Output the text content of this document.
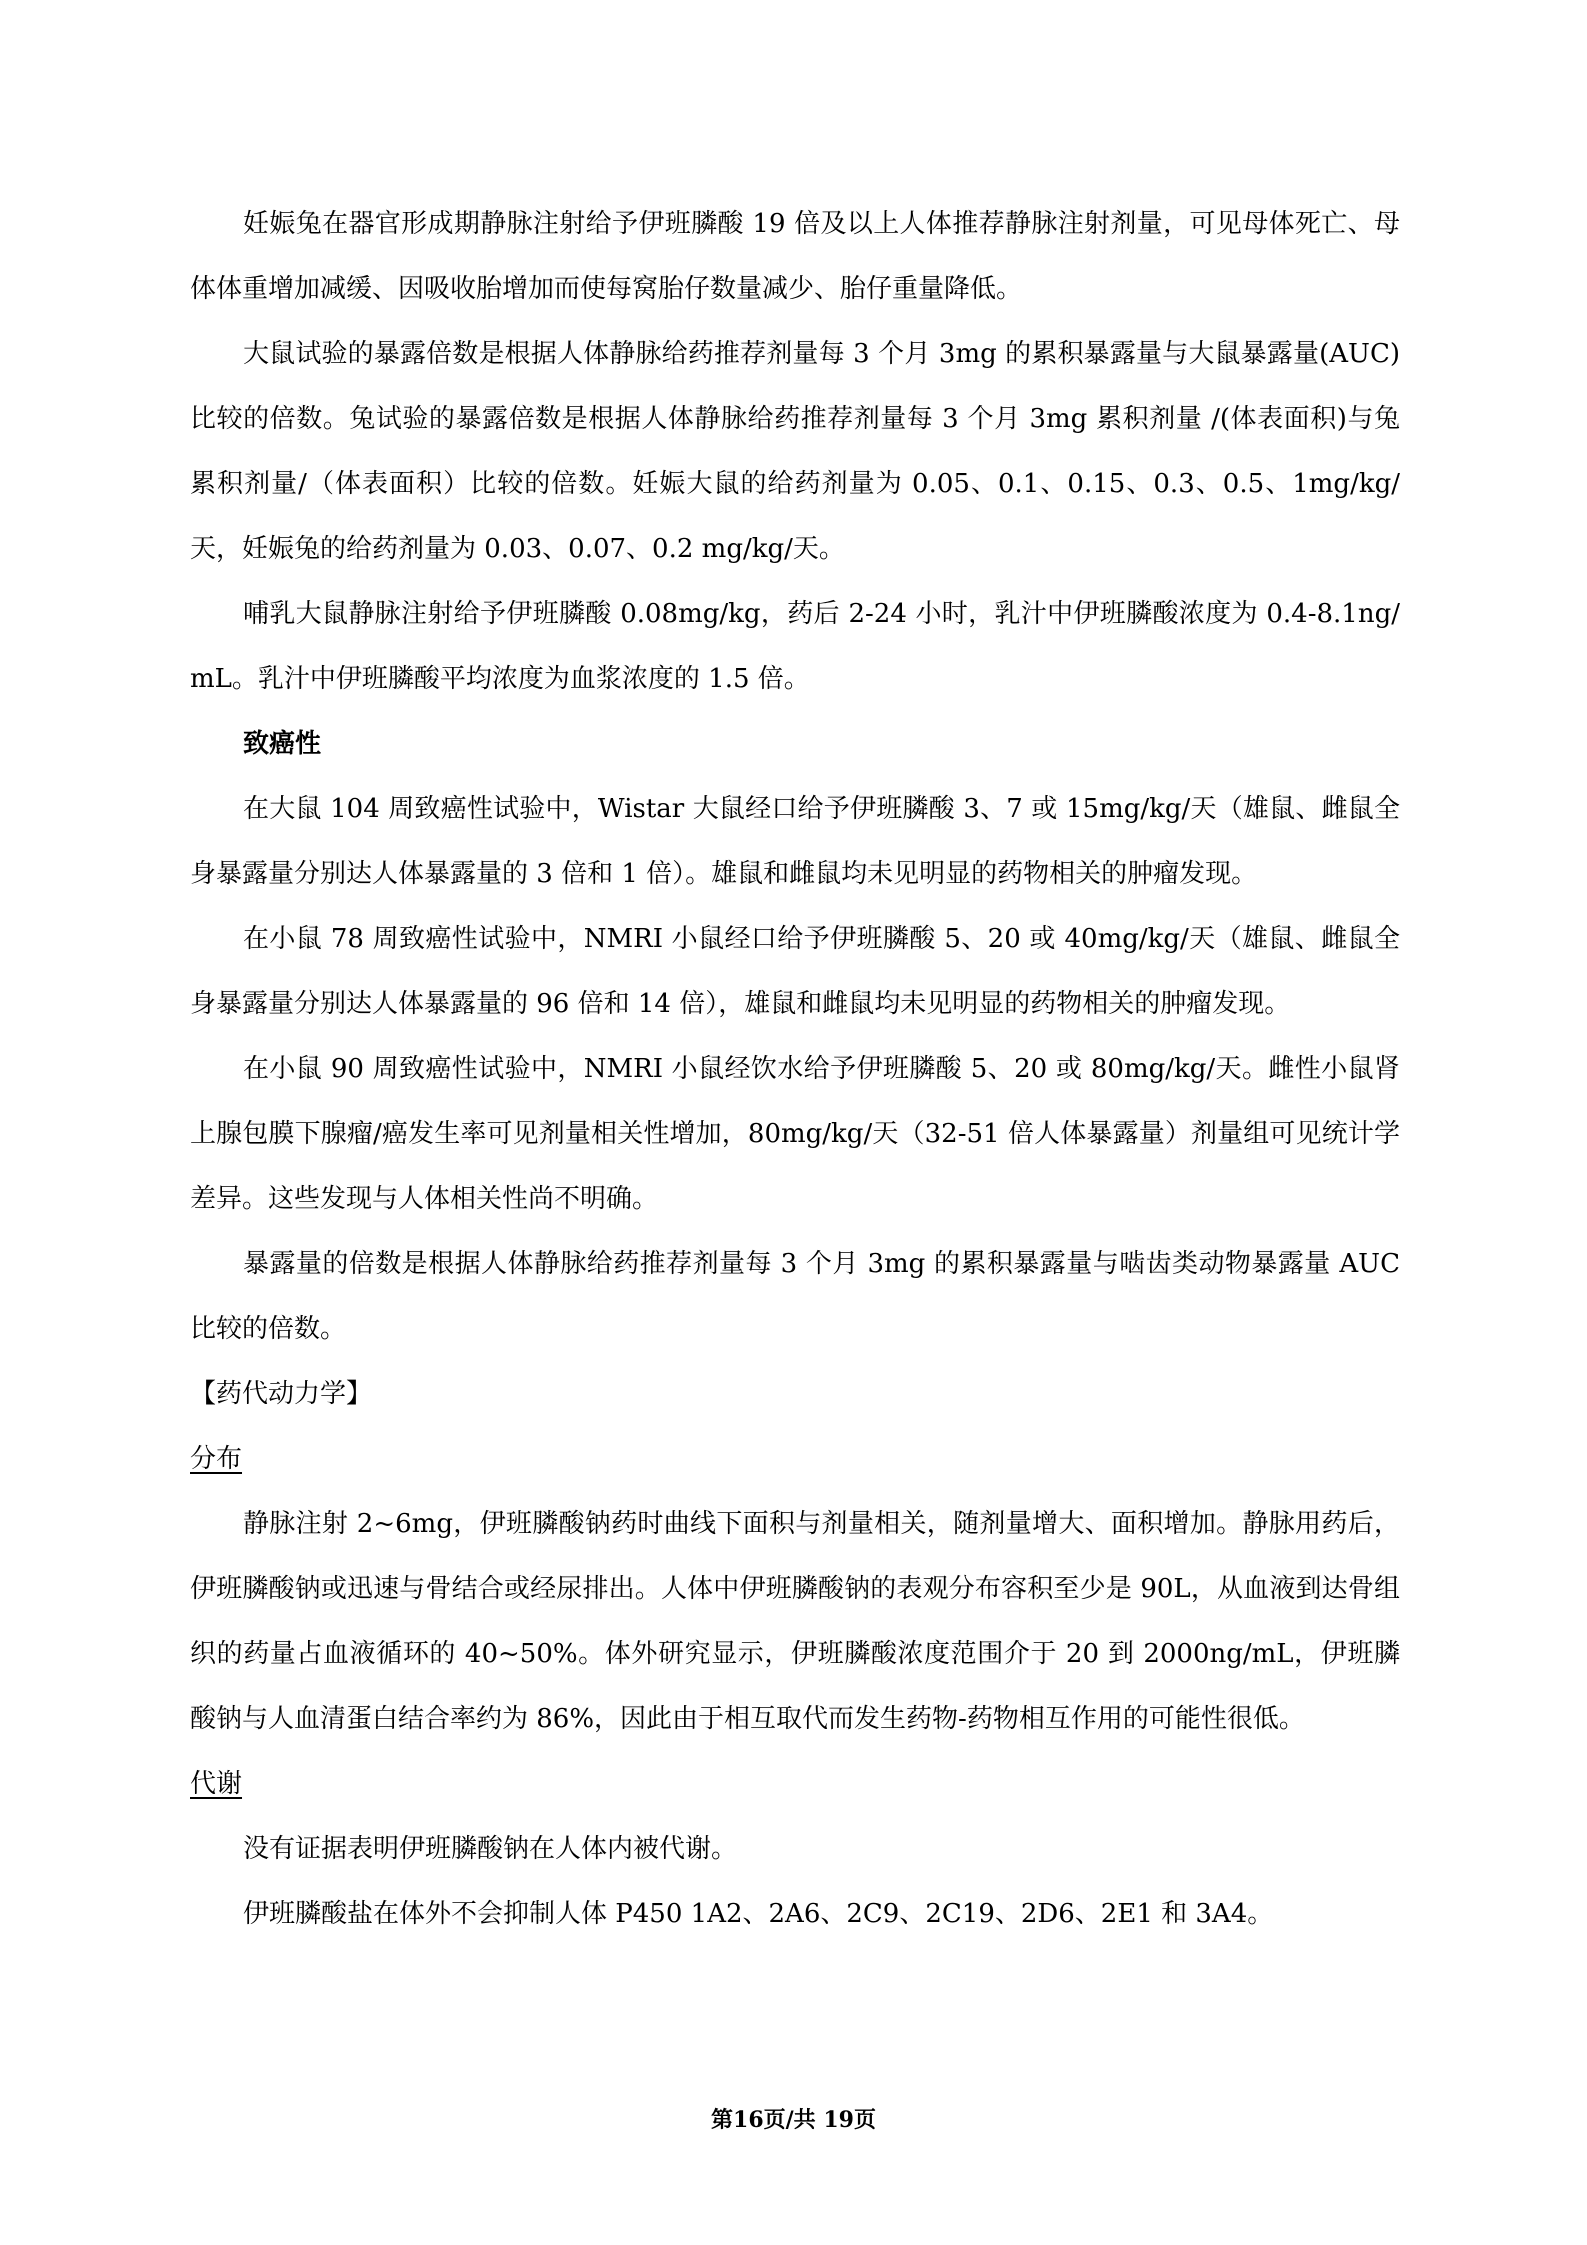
妊娠兔在器官形成期静脉注射给予伊班膦酸 19 倍及以上人体推荐静脉注射剂量，可见母体死亡、母体体重增加减缓、因吸收胎增加而使每窝胎仔数量减少、胎仔重量降低。

大鼠试验的暴露倍数是根据人体静脉给药推荐剂量每 3 个月 3mg 的累积暴露量与大鼠暴露量(AUC)比较的倍数。兔试验的暴露倍数是根据人体静脉给药推荐剂量每 3 个月 3mg 累积剂量 /(体表面积)与兔累积剂量/（体表面积）比较的倍数。妊娠大鼠的给药剂量为 0.05、0.1、0.15、0.3、0.5、1mg/kg/天，妊娠兔的给药剂量为 0.03、0.07、0.2 mg/kg/天。

哺乳大鼠静脉注射给予伊班膦酸 0.08mg/kg，药后 2-24 小时，乳汁中伊班膦酸浓度为 0.4-8.1ng/mL。乳汁中伊班膦酸平均浓度为血浆浓度的 1.5 倍。

致癌性

在大鼠 104 周致癌性试验中，Wistar 大鼠经口给予伊班膦酸 3、7 或 15mg/kg/天（雄鼠、雌鼠全身暴露量分别达人体暴露量的 3 倍和 1 倍）。雄鼠和雌鼠均未见明显的药物相关的肿瘤发现。

在小鼠 78 周致癌性试验中，NMRI 小鼠经口给予伊班膦酸 5、20 或 40mg/kg/天（雄鼠、雌鼠全身暴露量分别达人体暴露量的 96 倍和 14 倍），雄鼠和雌鼠均未见明显的药物相关的肿瘤发现。

在小鼠 90 周致癌性试验中，NMRI 小鼠经饮水给予伊班膦酸 5、20 或 80mg/kg/天。雌性小鼠肾上腺包膜下腺瘤/癌发生率可见剂量相关性增加，80mg/kg/天（32-51 倍人体暴露量）剂量组可见统计学差异。这些发现与人体相关性尚不明确。

暴露量的倍数是根据人体静脉给药推荐剂量每 3 个月 3mg 的累积暴露量与啮齿类动物暴露量 AUC 比较的倍数。

【药代动力学】

分布

静脉注射 2~6mg，伊班膦酸钠药时曲线下面积与剂量相关，随剂量增大、面积增加。静脉用药后，伊班膦酸钠或迅速与骨结合或经尿排出。人体中伊班膦酸钠的表观分布容积至少是 90L，从血液到达骨组织的药量占血液循环的 40~50%。体外研究显示，伊班膦酸浓度范围介于 20 到 2000ng/mL，伊班膦酸钠与人血清蛋白结合率约为 86%，因此由于相互取代而发生药物-药物相互作用的可能性很低。

代谢

没有证据表明伊班膦酸钠在人体内被代谢。

伊班膦酸盐在体外不会抑制人体 P450 1A2、2A6、2C9、2C19、2D6、2E1 和 3A4。

第16页/共 19页
